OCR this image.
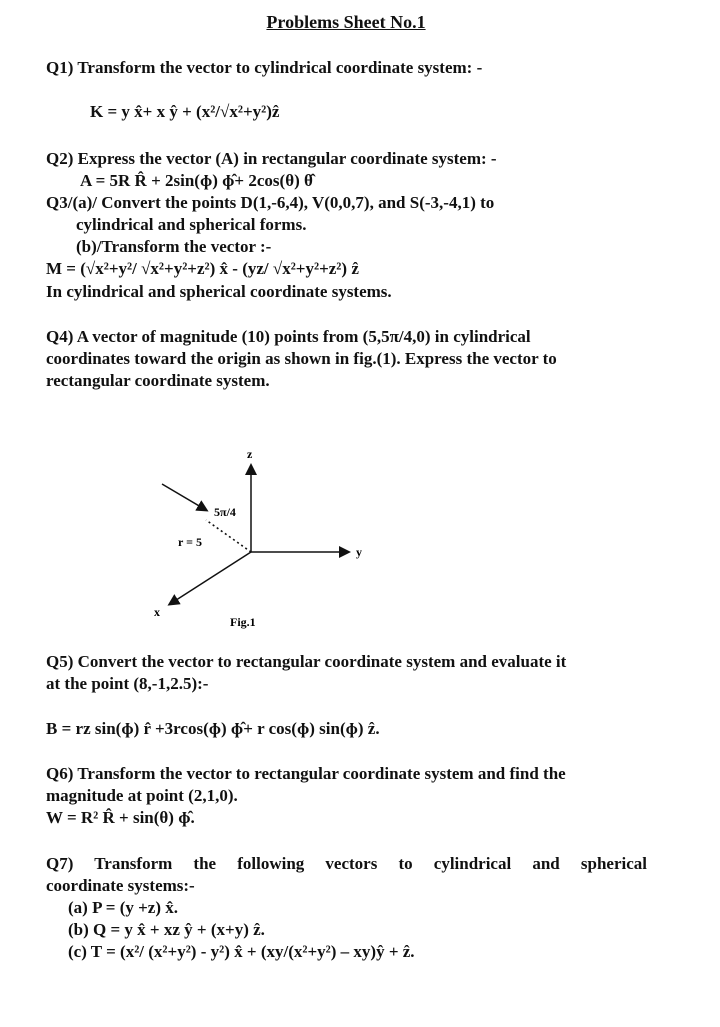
Problems Sheet No.1
Q1) Transform the vector to cylindrical coordinate system: -
K = y x̂+ x ŷ + (x²/√x²+y²)ẑ
Q2) Express the vector (A) in rectangular coordinate system: -
A = 5R R̂ + 2sin(ɸ) ɸ̂+ 2cos(θ) θ̂
Q3/(a)/ Convert the points D(1,-6,4), V(0,0,7), and S(-3,-4,1) to
cylindrical and spherical forms.
(b)/Transform the vector :-
M = (√x²+y²/ √x²+y²+z²) x̂ - (yz/ √x²+y²+z²) ẑ
In cylindrical and spherical coordinate systems.
Q4) A vector of magnitude (10) points from (5,5π/4,0) in cylindrical
coordinates toward the origin as shown in fig.(1). Express the vector to
rectangular coordinate system.
z
y
x
5π/4
r = 5
Fig.1
Q5) Convert the vector to rectangular coordinate system and evaluate it
at the point (8,-1,2.5):-
B = rz sin(ɸ) r̂ +3rcos(ɸ) ɸ̂+ r cos(ɸ) sin(ɸ) ẑ.
Q6) Transform the vector to rectangular coordinate system and find the
magnitude at point (2,1,0).
W = R² R̂ + sin(θ) ɸ̂.
Q7) Transform the following vectors to cylindrical and spherical
coordinate systems:-
(a) P = (y +z) x̂.
(b) Q = y x̂ + xz ŷ + (x+y) ẑ.
(c) T = (x²/ (x²+y²) - y²) x̂ + (xy/(x²+y²) – xy)ŷ + ẑ.
